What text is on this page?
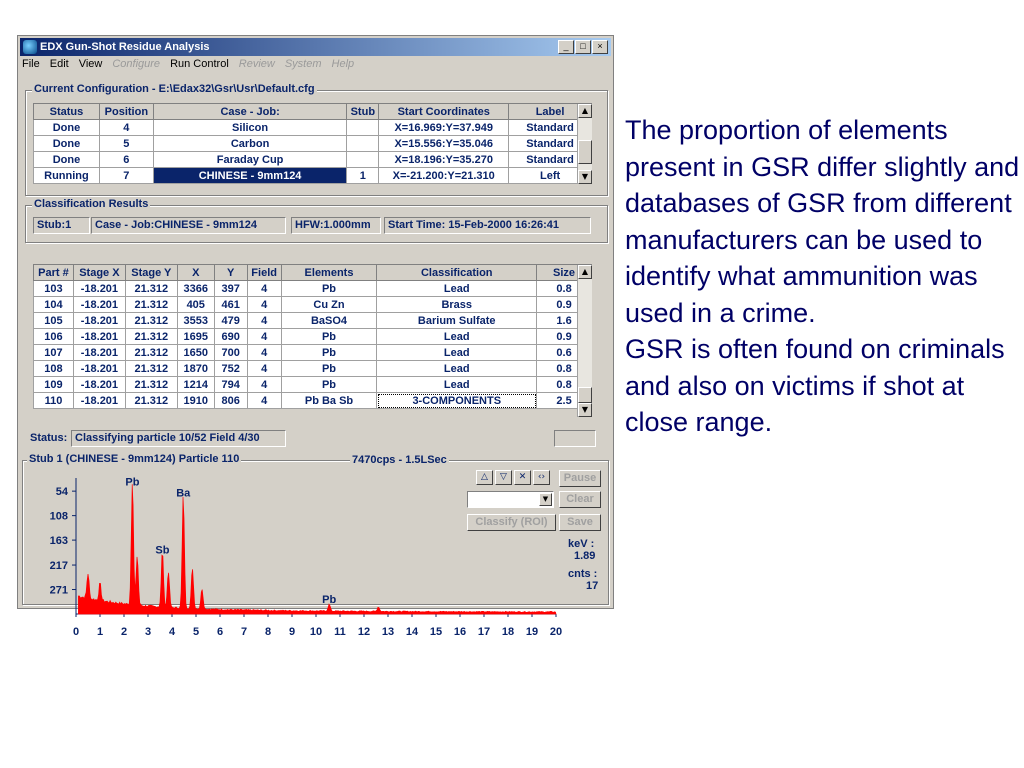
EDX Gun-Shot Residue Analysis	_	□	×
File Edit View Configure Run Control Review System Help
Current Configuration - E:\Edax32\Gsr\Usr\Default.cfg
Status	Position	Case - Job:	Stub	Start Coordinates	Label
Done	4	Silicon		X=16.969:Y=37.949	Standard
Done	5	Carbon		X=15.556:Y=35.046	Standard
Done	6	Faraday Cup		X=18.196:Y=35.270	Standard
Running	7	CHINESE - 9mm124	1	X=-21.200:Y=21.310	Left
▲
▼
Classification Results
Stub:1	Case - Job:CHINESE - 9mm124	HFW:1.000mm	Start Time: 15-Feb-2000 16:26:41
Part #	Stage X	Stage Y	X	Y	Field	Elements	Classification	Size
103	-18.201	21.312	3366	397	4	Pb	Lead	0.8
104	-18.201	21.312	405	461	4	Cu Zn	Brass	0.9
105	-18.201	21.312	3553	479	4	BaSO4	Barium Sulfate	1.6
106	-18.201	21.312	1695	690	4	Pb	Lead	0.9
107	-18.201	21.312	1650	700	4	Pb	Lead	0.6
108	-18.201	21.312	1870	752	4	Pb	Lead	0.8
109	-18.201	21.312	1214	794	4	Pb	Lead	0.8
110	-18.201	21.312	1910	806	4	Pb Ba Sb	3-COMPONENTS	2.5
▲
▼
Status: Classifying particle 10/52 Field 4/30
Stub 1 (CHINESE - 9mm124) Particle 110	7470cps - 1.5LSec
△	▽	✕	‹›	Pause
▼	Clear
Classify (ROI)	Save
keV :
1.89
cnts :
17
271
217
163
108
54
0 1 2 3 4 5 6 7 8 9 10 11 12 13 14 15 16 17 18 19 20
Pb
Ba
Sb
Pb

The proportion of elements present in GSR differ slightly and databases of GSR from different manufacturers can be used to identify what ammunition was used in a crime.

GSR is often found on criminals and also on victims if shot at close range.
